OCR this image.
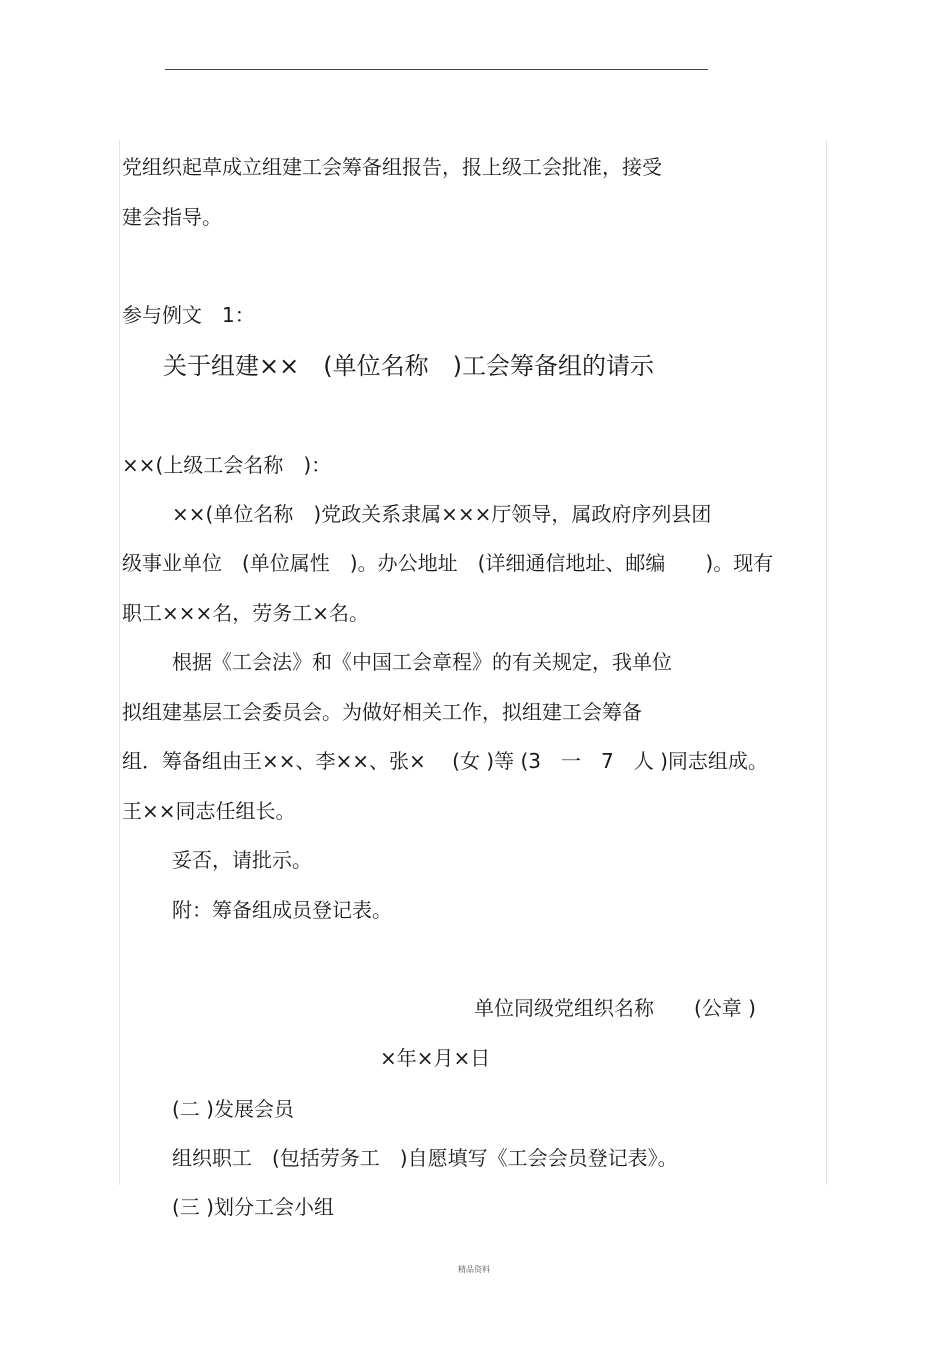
党组织起草成立组建工会筹备组报告，报上级工会批准，接受
建会指导。
参与例文　1：
关于组建××　(单位名称　)工会筹备组的请示
××(上级工会名称　)：
××(单位名称　)党政关系隶属×××厅领导，属政府序列县团
级事业单位　(单位属性　)。办公地址　(详细通信地址、邮编　　)。现有
职工×××名，劳务工×名。
根据《工会法》和《中国工会章程》的有关规定，我单位
拟组建基层工会委员会。为做好相关工作，拟组建工会筹备
组．筹备组由王××、李××、张×　 (女 )等 (3　一　7　人 )同志组成。
王××同志任组长。
妥否，请批示。
附：筹备组成员登记表。
单位同级党组织名称　　(公章 )
×年×月×日
(二 )发展会员
组织职工　(包括劳务工　)自愿填写《工会会员登记表》。
(三 )划分工会小组
精品资料
